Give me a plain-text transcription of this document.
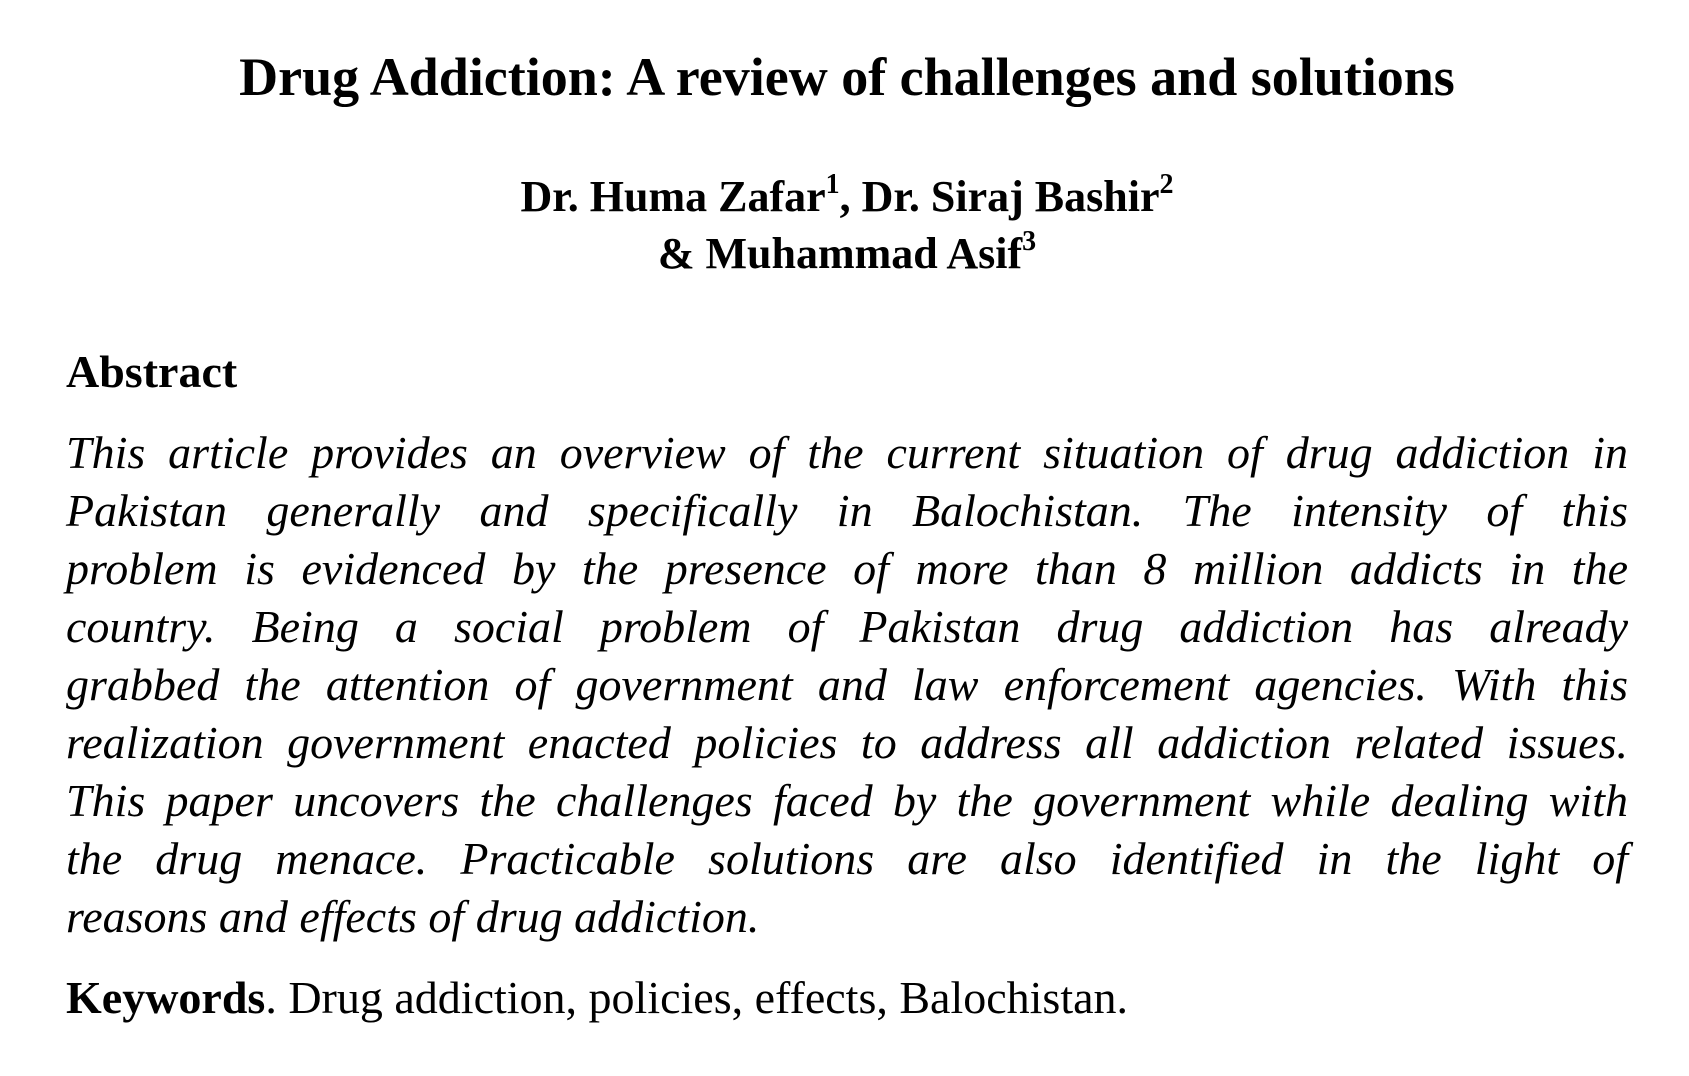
Drug Addiction: A review of challenges and solutions
Dr. Huma Zafar$^1$, Dr. Siraj Bashir$^2$
& Muhammad Asif$^3$
Abstract
This article provides an overview of the current situation of drug addiction in
Pakistan generally and specifically in Balochistan. The intensity of this
problem is evidenced by the presence of more than 8 million addicts in the
country. Being a social problem of Pakistan drug addiction has already
grabbed the attention of government and law enforcement agencies. With this
realization government enacted policies to address all addiction related issues.
This paper uncovers the challenges faced by the government while dealing with
the drug menace. Practicable solutions are also identified in the light of
reasons and effects of drug addiction.

Keywords. Drug addiction, policies, effects, Balochistan.
